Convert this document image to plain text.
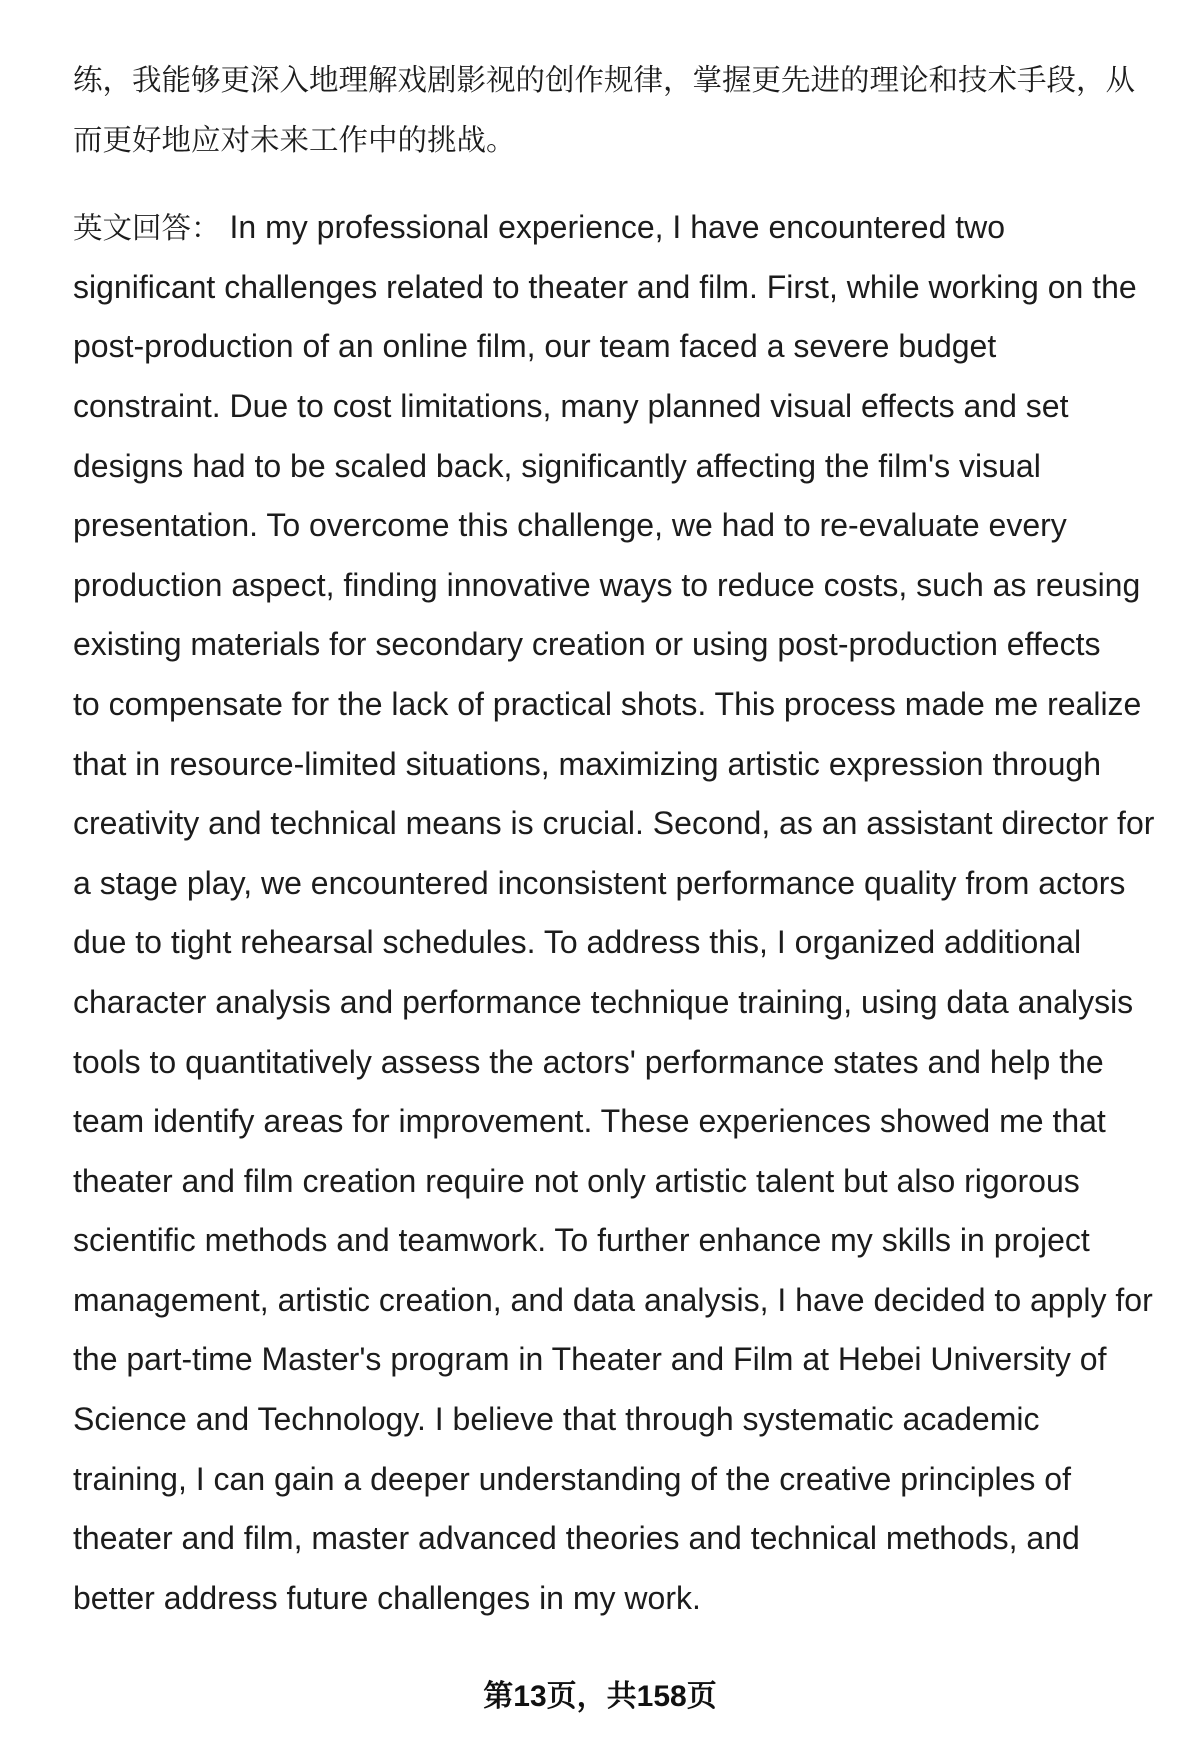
练，我能够更深入地理解戏剧影视的创作规律，掌握更先进的理论和技术手段，从
而更好地应对未来工作中的挑战。
英文回答： In my professional experience, I have encountered two
significant challenges related to theater and film. First, while working on the
post-production of an online film, our team faced a severe budget
constraint. Due to cost limitations, many planned visual effects and set
designs had to be scaled back, significantly affecting the film's visual
presentation. To overcome this challenge, we had to re-evaluate every
production aspect, finding innovative ways to reduce costs, such as reusing
existing materials for secondary creation or using post-production effects
to compensate for the lack of practical shots. This process made me realize
that in resource-limited situations, maximizing artistic expression through
creativity and technical means is crucial. Second, as an assistant director for
a stage play, we encountered inconsistent performance quality from actors
due to tight rehearsal schedules. To address this, I organized additional
character analysis and performance technique training, using data analysis
tools to quantitatively assess the actors' performance states and help the
team identify areas for improvement. These experiences showed me that
theater and film creation require not only artistic talent but also rigorous
scientific methods and teamwork. To further enhance my skills in project
management, artistic creation, and data analysis, I have decided to apply for
the part-time Master's program in Theater and Film at Hebei University of
Science and Technology. I believe that through systematic academic
training, I can gain a deeper understanding of the creative principles of
theater and film, master advanced theories and technical methods, and
better address future challenges in my work.
第13页，共158页
